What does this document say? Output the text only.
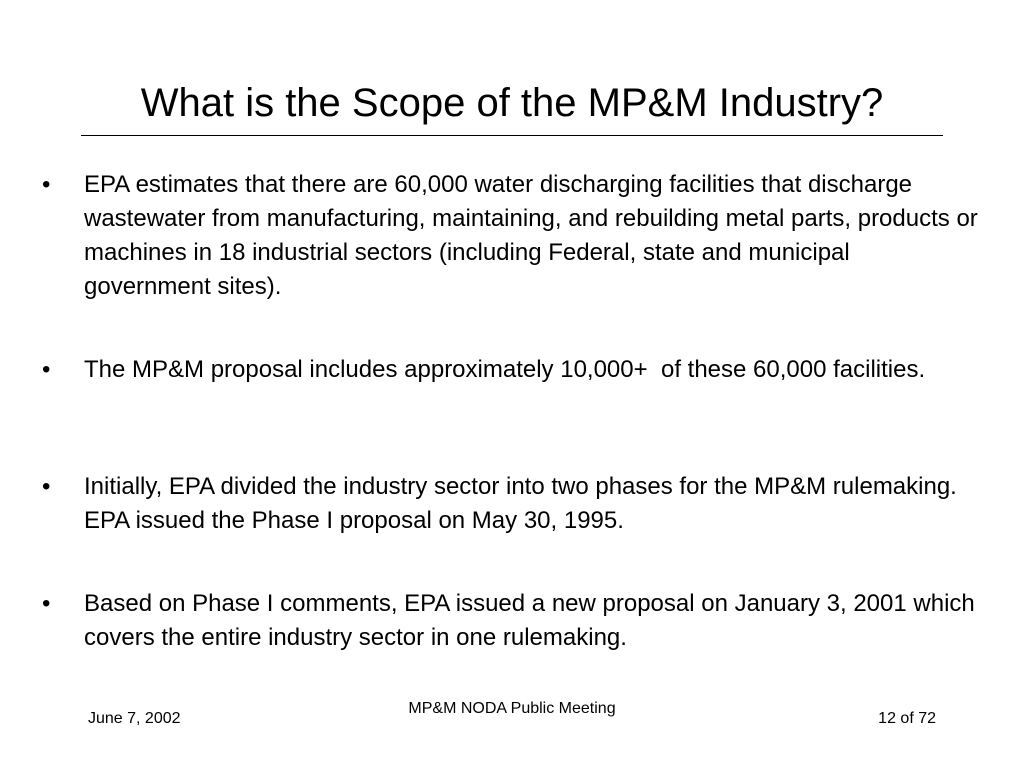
What is the Scope of the MP&M Industry?
• EPA estimates that there are 60,000 water discharging facilities that discharge wastewater from manufacturing, maintaining, and rebuilding metal parts, products or machines in 18 industrial sectors (including Federal, state and municipal government sites).
• The MP&M proposal includes approximately 10,000+  of these 60,000 facilities.
• Initially, EPA divided the industry sector into two phases for the MP&M rulemaking. EPA issued the Phase I proposal on May 30, 1995.
• Based on Phase I comments, EPA issued a new proposal on January 3, 2001 which covers the entire industry sector in one rulemaking.
June 7, 2002
MP&M NODA Public Meeting
12 of 72
